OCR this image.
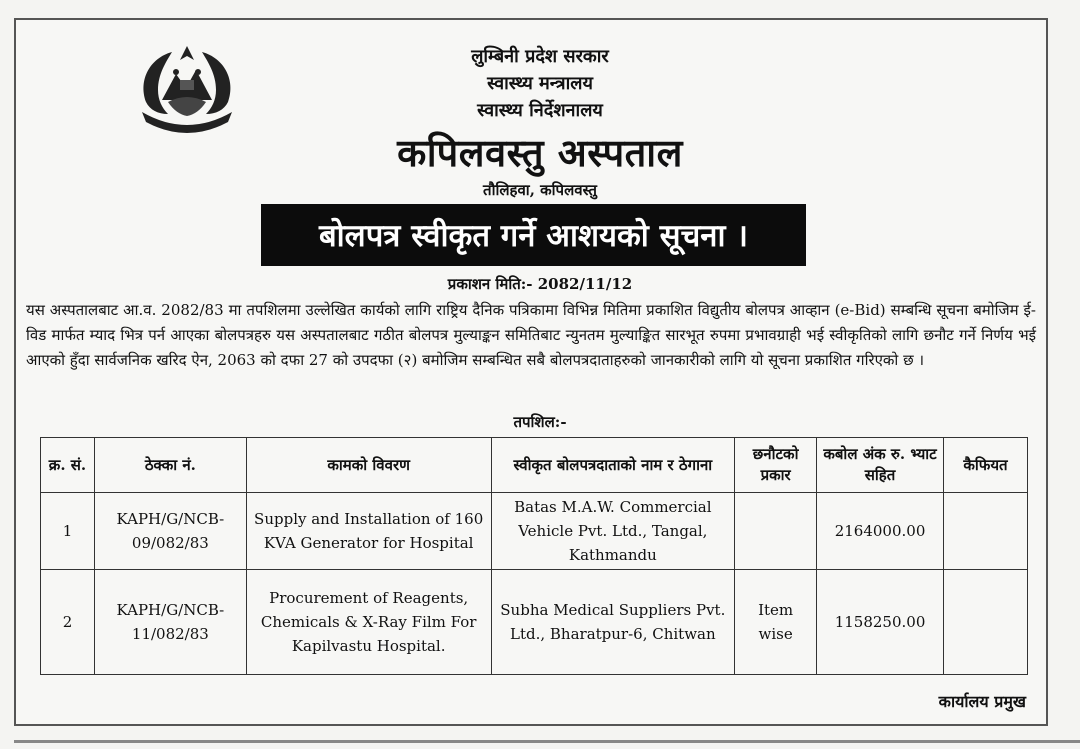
लुम्बिनी प्रदेश सरकार
स्वास्थ्य मन्त्रालय
स्वास्थ्य निर्देशनालय
कपिलवस्तु अस्पताल
तौलिहवा, कपिलवस्तु
बोलपत्र स्वीकृत गर्ने आशयको सूचना ।
प्रकाशन मिति:- 2082/11/12
यस अस्पतालबाट आ.व. 2082/83 मा तपशिलमा उल्लेखित कार्यको लागि राष्ट्रिय दैनिक पत्रिकामा विभिन्न मितिमा प्रकाशित विद्युतीय बोलपत्र आव्हान (e-Bid) सम्बन्धि सूचना बमोजिम ई-विड मार्फत म्याद भित्र पर्न आएका बोलपत्रहरु यस अस्पतालबाट गठीत बोलपत्र मुल्याङ्कन समितिबाट न्युनतम मुल्याङ्कित सारभूत रुपमा प्रभावग्राही भई स्वीकृतिको लागि छनौट गर्ने निर्णय भई आएको हुँदा सार्वजनिक खरिद ऐन, 2063 को दफा 27 को उपदफा (२) बमोजिम सम्बन्धित सबै बोलपत्रदाताहरुको जानकारीको लागि यो सूचना प्रकाशित गरिएको छ ।
तपशिल:-
क्र. सं.	ठेक्का नं.	कामको विवरण	स्वीकृत बोलपत्रदाताको नाम र ठेगाना	छनौटको प्रकार	कबोल अंक रु. भ्याट सहित	कैफियत
1	KAPH/G/NCB-09/082/83	Supply and Installation of 160 KVA Generator for Hospital	Batas M.A.W. Commercial Vehicle Pvt. Ltd., Tangal, Kathmandu		2164000.00	
2	KAPH/G/NCB-11/082/83	Procurement of Reagents, Chemicals & X-Ray Film For Kapilvastu Hospital.	Subha Medical Suppliers Pvt. Ltd., Bharatpur-6, Chitwan	Item wise	1158250.00	
कार्यालय प्रमुख
